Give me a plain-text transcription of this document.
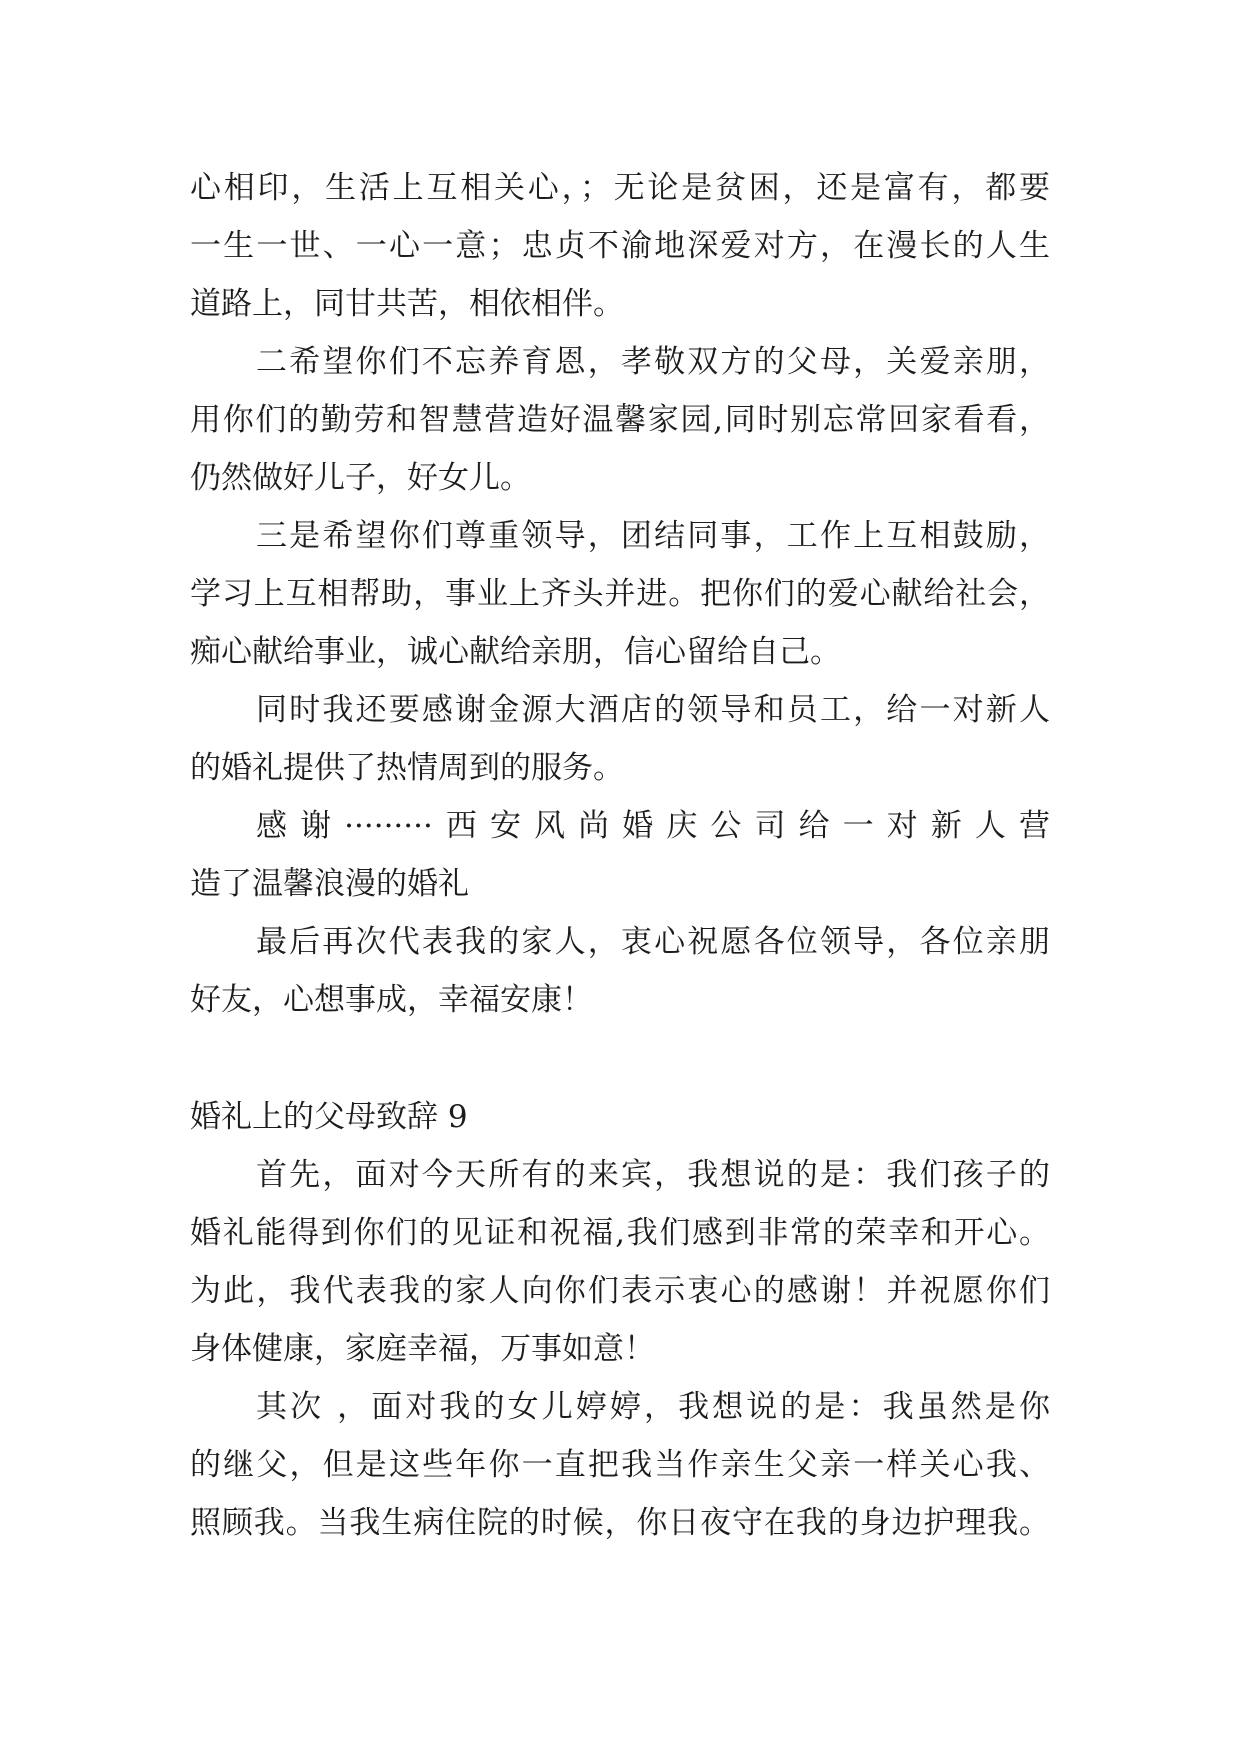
心相印，生活上互相关心，；无论是贫困，还是富有，都要

一生一世、一心一意；忠贞不渝地深爱对方，在漫长的人生

道路上，同甘共苦，相依相伴。

二希望你们不忘养育恩，孝敬双方的父母，关爱亲朋，

用你们的勤劳和智慧营造好温馨家园,同时别忘常回家看看，

仍然做好儿子，好女儿。

三是希望你们尊重领导，团结同事，工作上互相鼓励，

学习上互相帮助，事业上齐头并进。把你们的爱心献给社会，

痴心献给事业，诚心献给亲朋，信心留给自己。

同时我还要感谢金源大酒店的领导和员工，给一对新人

的婚礼提供了热情周到的服务。

感谢·········西安风尚婚庆公司给一对新人营

造了温馨浪漫的婚礼

最后再次代表我的家人，衷心祝愿各位领导，各位亲朋

好友，心想事成，幸福安康！

婚礼上的父母致辞 9

首先，面对今天所有的来宾，我想说的是：我们孩子的

婚礼能得到你们的见证和祝福,我们感到非常的荣幸和开心。

为此，我代表我的家人向你们表示衷心的感谢！并祝愿你们

身体健康，家庭幸福，万事如意！

其次 ，面对我的女儿婷婷，我想说的是：我虽然是你

的继父，但是这些年你一直把我当作亲生父亲一样关心我、

照顾我。当我生病住院的时候，你日夜守在我的身边护理我。
